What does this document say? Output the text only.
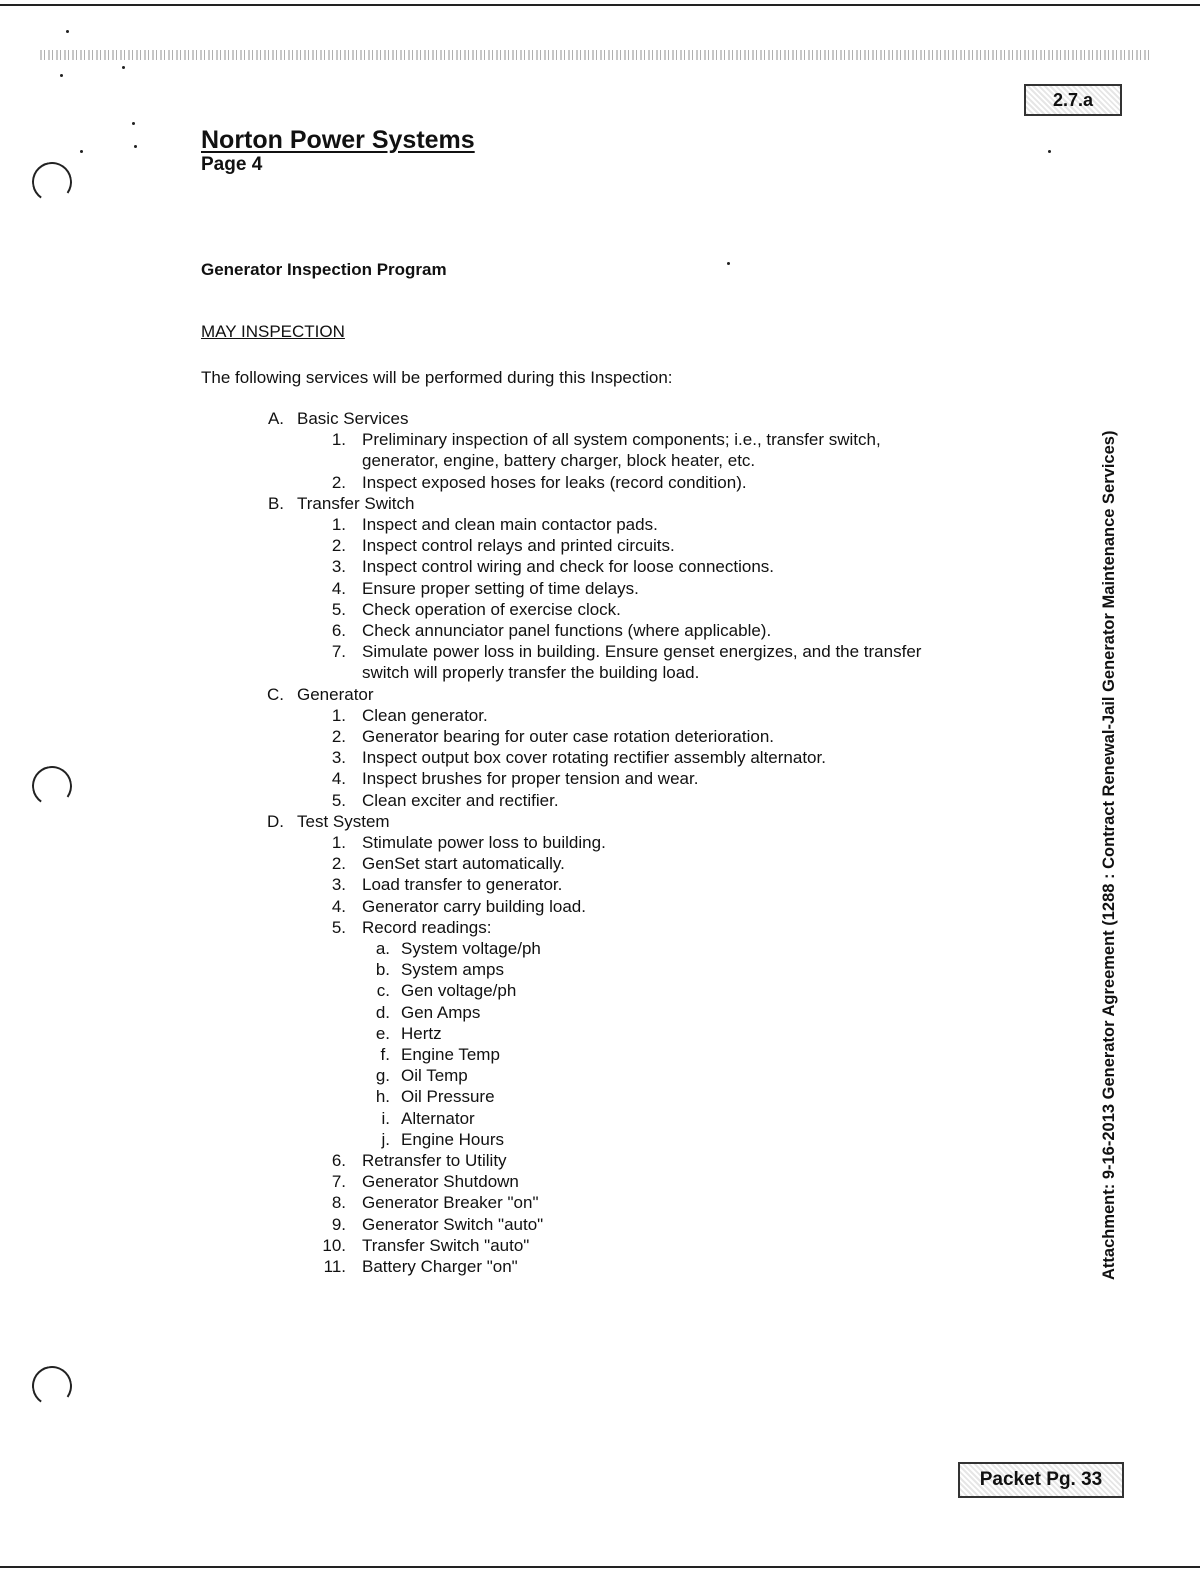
2.7.a
Norton Power Systems
Page 4
Generator Inspection Program
MAY INSPECTION
The following services will be performed during this Inspection:
A. Basic Services
1. Preliminary inspection of all system components; i.e., transfer switch,
generator, engine, battery charger, block heater, etc.
2. Inspect exposed hoses for leaks (record condition).
B. Transfer Switch
1. Inspect and clean main contactor pads.
2. Inspect control relays and printed circuits.
3. Inspect control wiring and check for loose connections.
4. Ensure proper setting of time delays.
5. Check operation of exercise clock.
6. Check annunciator panel functions (where applicable).
7. Simulate power loss in building. Ensure genset energizes, and the transfer
switch will properly transfer the building load.
C. Generator
1. Clean generator.
2. Generator bearing for outer case rotation deterioration.
3. Inspect output box cover rotating rectifier assembly alternator.
4. Inspect brushes for proper tension and wear.
5. Clean exciter and rectifier.
D. Test System
1. Stimulate power loss to building.
2. GenSet start automatically.
3. Load transfer to generator.
4. Generator carry building load.
5. Record readings:
a. System voltage/ph
b. System amps
c. Gen voltage/ph
d. Gen Amps
e. Hertz
f. Engine Temp
g. Oil Temp
h. Oil Pressure
i. Alternator
j. Engine Hours
6. Retransfer to Utility
7. Generator Shutdown
8. Generator Breaker "on"
9. Generator Switch "auto"
10. Transfer Switch "auto"
11. Battery Charger "on"	Attachment: 9-16-2013 Generator Agreement (1288 : Contract Renewal-Jail Generator Maintenance Services)
Packet Pg. 33
